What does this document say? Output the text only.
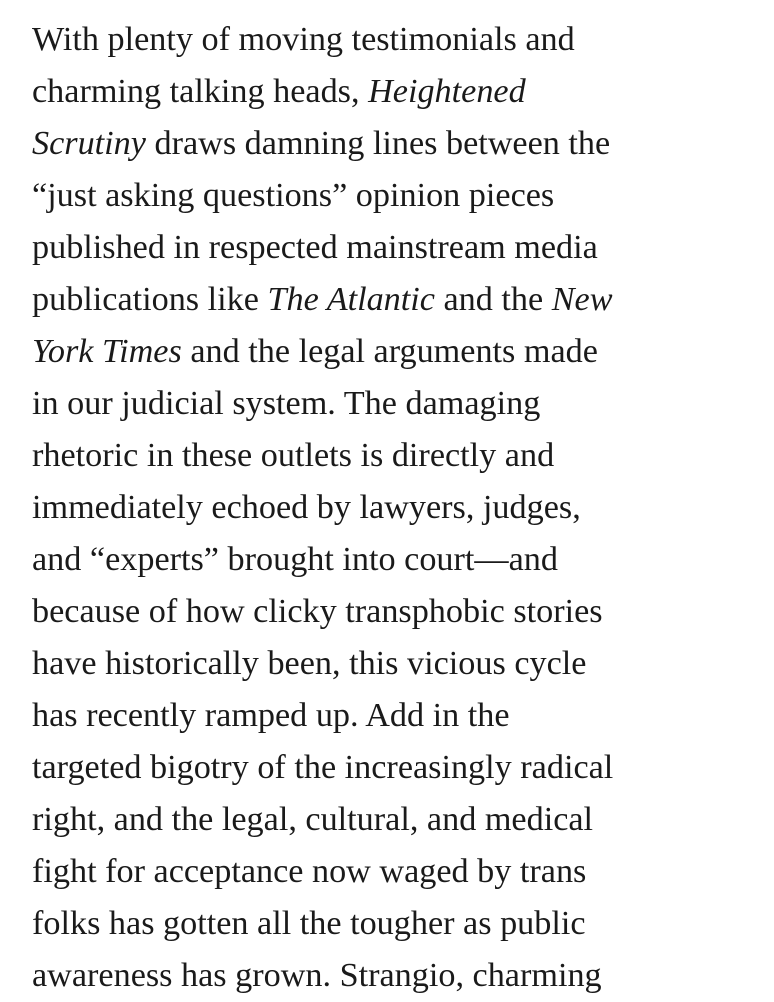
With plenty of moving testimonials and
charming talking heads, Heightened
Scrutiny draws damning lines between the
“just asking questions” opinion pieces
published in respected mainstream media
publications like The Atlantic and the New
York Times and the legal arguments made
in our judicial system. The damaging
rhetoric in these outlets is directly and
immediately echoed by lawyers, judges,
and “experts” brought into court—and
because of how clicky transphobic stories
have historically been, this vicious cycle
has recently ramped up. Add in the
targeted bigotry of the increasingly radical
right, and the legal, cultural, and medical
fight for acceptance now waged by trans
folks has gotten all the tougher as public
awareness has grown. Strangio, charming
